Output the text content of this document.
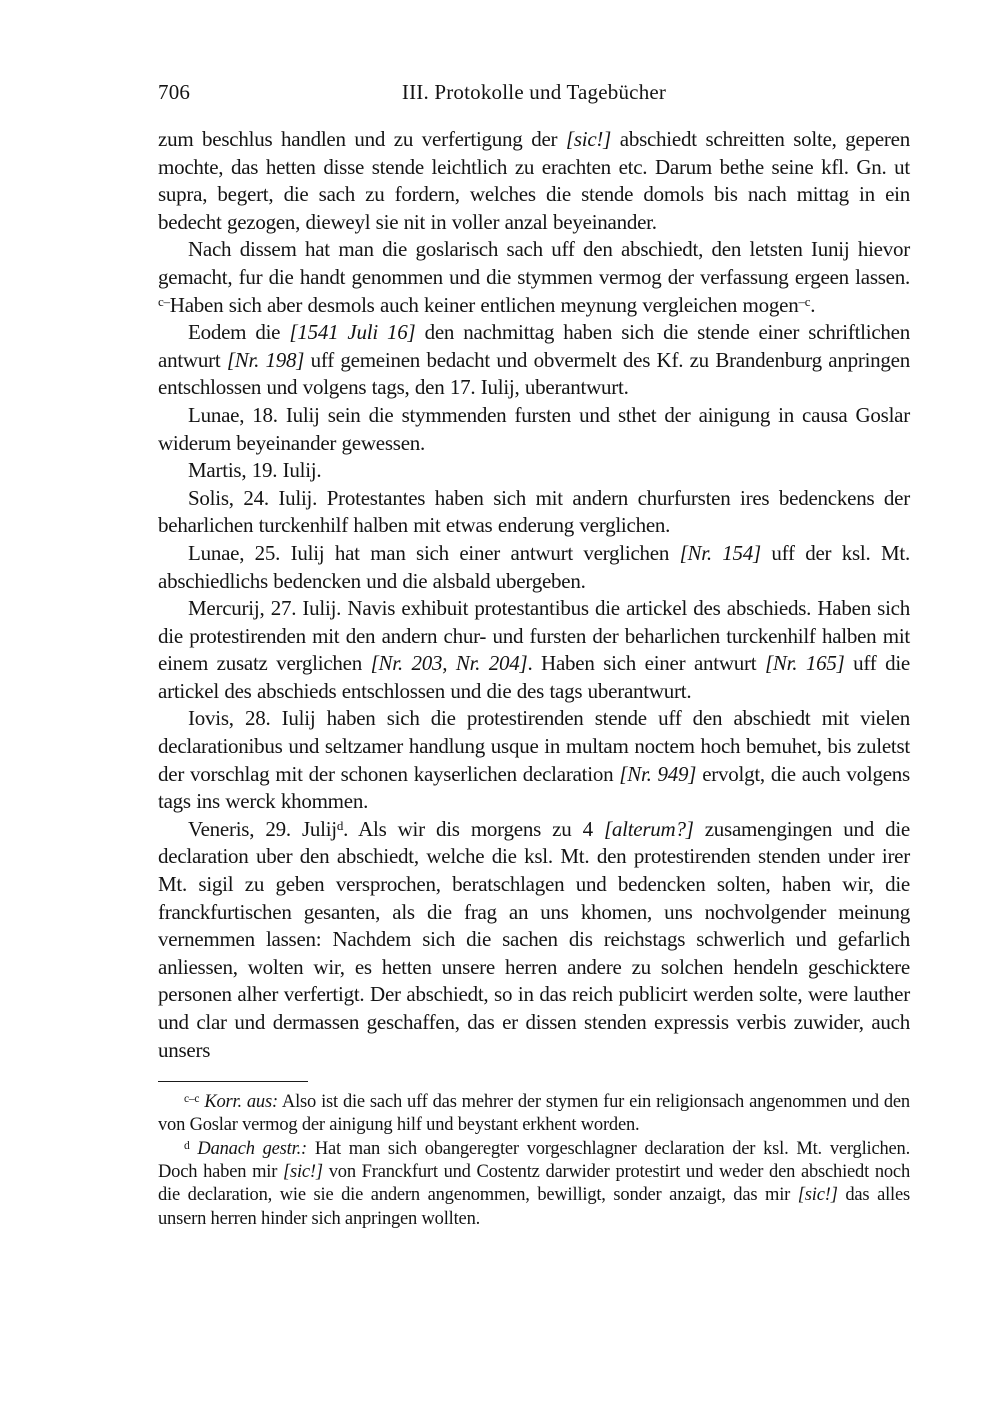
706	III. Protokolle und Tagebücher

zum beschlus handlen und zu verfertigung der [sic!] abschiedt schreitten solte, geperen mochte, das hetten disse stende leichtlich zu erachten etc. Darum bethe seine kfl. Gn. ut supra, begert, die sach zu fordern, welches die stende domols bis nach mittag in ein bedecht gezogen, dieweyl sie nit in voller anzal beyeinander.

Nach dissem hat man die goslarisch sach uff den abschiedt, den letsten Iunij hievor gemacht, fur die handt genommen und die stymmen vermog der verfassung ergeen lassen. $^{c-}$Haben sich aber desmols auch keiner entlichen meynung vergleichen mogen$^{-c}$.

Eodem die [1541 Juli 16] den nachmittag haben sich die stende einer schriftlichen antwurt [Nr. 198] uff gemeinen bedacht und obvermelt des Kf. zu Brandenburg anpringen entschlossen und volgens tags, den 17. Iulij, uberantwurt.

Lunae, 18. Iulij sein die stymmenden fursten und sthet der ainigung in causa Goslar widerum beyeinander gewessen.

Martis, 19. Iulij.

Solis, 24. Iulij. Protestantes haben sich mit andern churfursten ires bedenckens der beharlichen turckenhilf halben mit etwas enderung verglichen.

Lunae, 25. Iulij hat man sich einer antwurt verglichen [Nr. 154] uff der ksl. Mt. abschiedlichs bedencken und die alsbald ubergeben.

Mercurij, 27. Iulij. Navis exhibuit protestantibus die artickel des abschieds. Haben sich die protestirenden mit den andern chur- und fursten der beharlichen turckenhilf halben mit einem zusatz verglichen [Nr. 203, Nr. 204]. Haben sich einer antwurt [Nr. 165] uff die artickel des abschieds entschlossen und die des tags uberantwurt.

Iovis, 28. Iulij haben sich die protestirenden stende uff den abschiedt mit vielen declarationibus und seltzamer handlung usque in multam noctem hoch bemuhet, bis zuletst der vorschlag mit der schonen kayserlichen declaration [Nr. 949] ervolgt, die auch volgens tags ins werck khommen.

Veneris, 29. Julij$^d$. Als wir dis morgens zu 4 [alterum?] zusamengingen und die declaration uber den abschiedt, welche die ksl. Mt. den protestirenden stenden under irer Mt. sigil zu geben versprochen, beratschlagen und bedencken solten, haben wir, die franckfurtischen gesanten, als die frag an uns khomen, uns nochvolgender meinung vernemmen lassen: Nachdem sich die sachen dis reichstags schwerlich und gefarlich anliessen, wolten wir, es hetten unsere herren andere zu solchen hendeln geschicktere personen alher verfertigt. Der abschiedt, so in das reich publicirt werden solte, were lauther und clar und dermassen geschaffen, das er dissen stenden expressis verbis zuwider, auch unsers

$^{c-c}$ Korr. aus: Also ist die sach uff das mehrer der stymen fur ein religionsach angenommen und den von Goslar vermog der ainigung hilf und beystant erkhent worden.

$^d$ Danach gestr.: Hat man sich obangeregter vorgeschlagner declaration der ksl. Mt. verglichen. Doch haben mir [sic!] von Franckfurt und Costentz darwider protestirt und weder den abschiedt noch die declaration, wie sie die andern angenommen, bewilligt, sonder anzaigt, das mir [sic!] das alles unsern herren hinder sich anpringen wollten.
